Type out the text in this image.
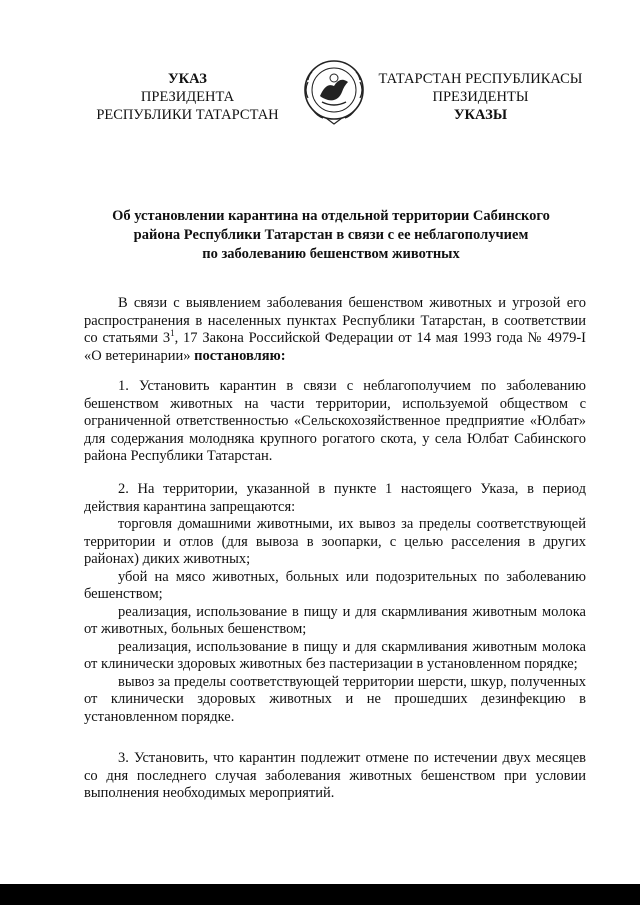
УКАЗ
ПРЕЗИДЕНТА
РЕСПУБЛИКИ ТАТАРСТАН
ТАТАРСТАН РЕСПУБЛИКАСЫ
ПРЕЗИДЕНТЫ
УКАЗЫ
Об установлении карантина на отдельной территории Сабинского
района Республики Татарстан в связи с ее неблагополучием
по заболеванию бешенством животных

В связи с выявлением заболевания бешенством животных и угрозой его распространения в населенных пунктах Республики Татарстан, в соответствии со статьями $3^1$, 17 Закона Российской Федерации от 14 мая 1993 года № 4979-I «О ветеринарии» постановляю:

1. Установить карантин в связи с неблагополучием по заболеванию бешенством животных на части территории, используемой обществом с ограниченной ответственностью «Сельскохозяйственное предприятие «Юлбат» для содержания молодняка крупного рогатого скота, у села Юлбат Сабинского района Республики Татарстан.

2. На территории, указанной в пункте 1 настоящего Указа, в период действия карантина запрещаются:

торговля домашними животными, их вывоз за пределы соответствующей территории и отлов (для вывоза в зоопарки, с целью расселения в других районах) диких животных;

убой на мясо животных, больных или подозрительных по заболеванию бешенством;

реализация, использование в пищу и для скармливания животным молока от животных, больных бешенством;

реализация, использование в пищу и для скармливания животным молока от клинически здоровых животных без пастеризации в установленном порядке;

вывоз за пределы соответствующей территории шерсти, шкур, полученных от клинически здоровых животных и не прошедших дезинфекцию в установленном порядке.

3. Установить, что карантин подлежит отмене по истечении двух месяцев со дня последнего случая заболевания животных бешенством при условии выполнения необходимых мероприятий.
